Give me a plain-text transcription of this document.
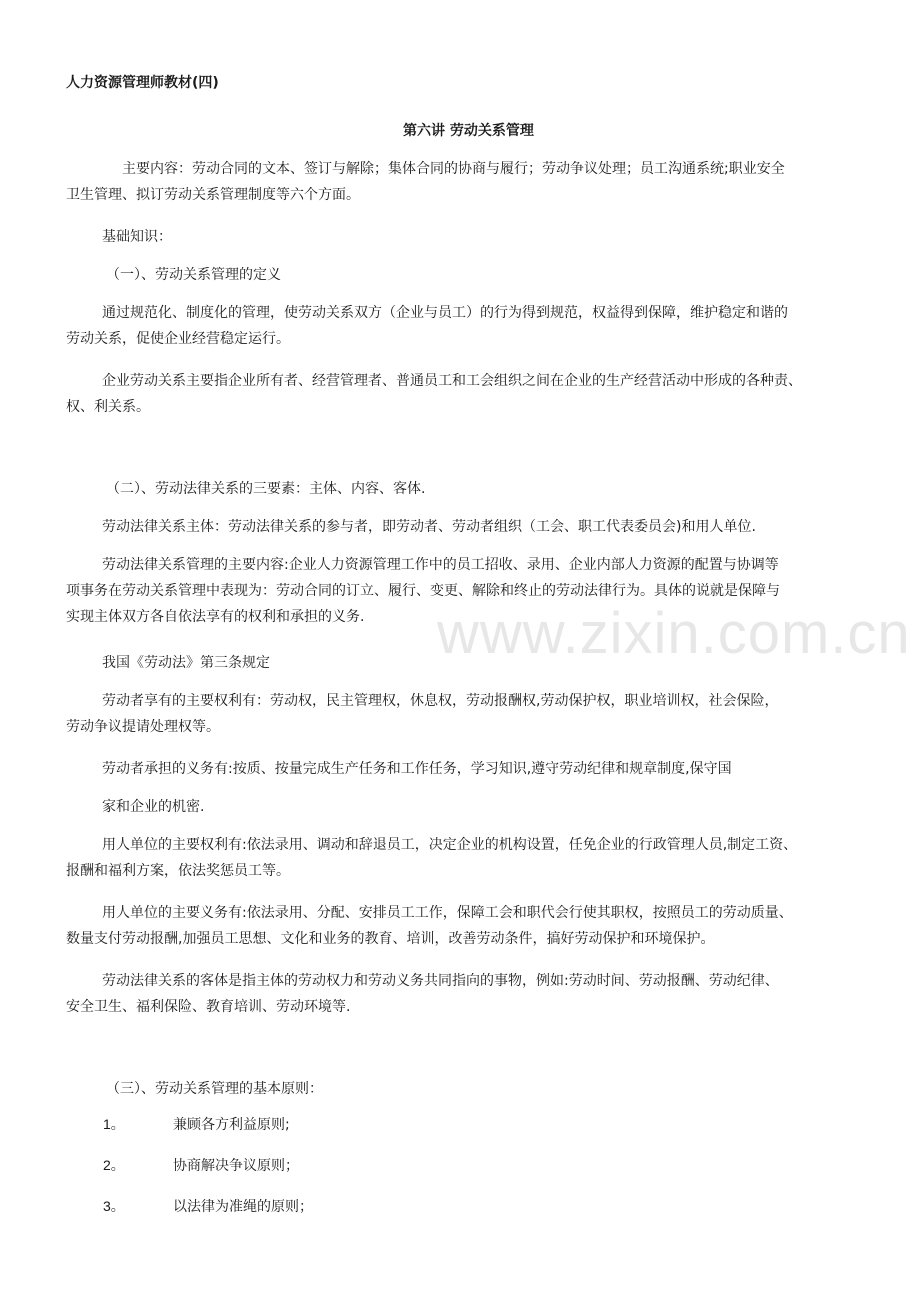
人力资源管理师教材(四)
第六讲 劳动关系管理
主要内容：劳动合同的文本、签订与解除；集体合同的协商与履行；劳动争议处理；员工沟通系统;职业安全
卫生管理、拟订劳动关系管理制度等六个方面。
基础知识：
（一）、劳动关系管理的定义
通过规范化、制度化的管理，使劳动关系双方（企业与员工）的行为得到规范，权益得到保障，维护稳定和谐的
劳动关系，促使企业经营稳定运行。
企业劳动关系主要指企业所有者、经营管理者、普通员工和工会组织之间在企业的生产经营活动中形成的各种责、
权、利关系。
（二）、劳动法律关系的三要素：主体、内容、客体.
劳动法律关系主体：劳动法律关系的参与者，即劳动者、劳动者组织（工会、职工代表委员会)和用人单位.
劳动法律关系管理的主要内容:企业人力资源管理工作中的员工招收、录用、企业内部人力资源的配置与协调等
项事务在劳动关系管理中表现为：劳动合同的订立、履行、变更、解除和终止的劳动法律行为。具体的说就是保障与
实现主体双方各自依法享有的权利和承担的义务.
我国《劳动法》第三条规定
劳动者享有的主要权利有：劳动权，民主管理权，休息权，劳动报酬权,劳动保护权，职业培训权，社会保险，
劳动争议提请处理权等。
劳动者承担的义务有:按质、按量完成生产任务和工作任务，学习知识,遵守劳动纪律和规章制度,保守国
家和企业的机密.
用人单位的主要权利有:依法录用、调动和辞退员工，决定企业的机构设置，任免企业的行政管理人员,制定工资、
报酬和福利方案，依法奖惩员工等。
用人单位的主要义务有:依法录用、分配、安排员工工作，保障工会和职代会行使其职权，按照员工的劳动质量、
数量支付劳动报酬,加强员工思想、文化和业务的教育、培训，改善劳动条件，搞好劳动保护和环境保护。
劳动法律关系的客体是指主体的劳动权力和劳动义务共同指向的事物，例如:劳动时间、劳动报酬、劳动纪律、
安全卫生、福利保险、教育培训、劳动环境等.
（三）、劳动关系管理的基本原则：
1。	兼顾各方利益原则;
2。	协商解决争议原则；
3。	以法律为准绳的原则；
www.zixin.com.cn
